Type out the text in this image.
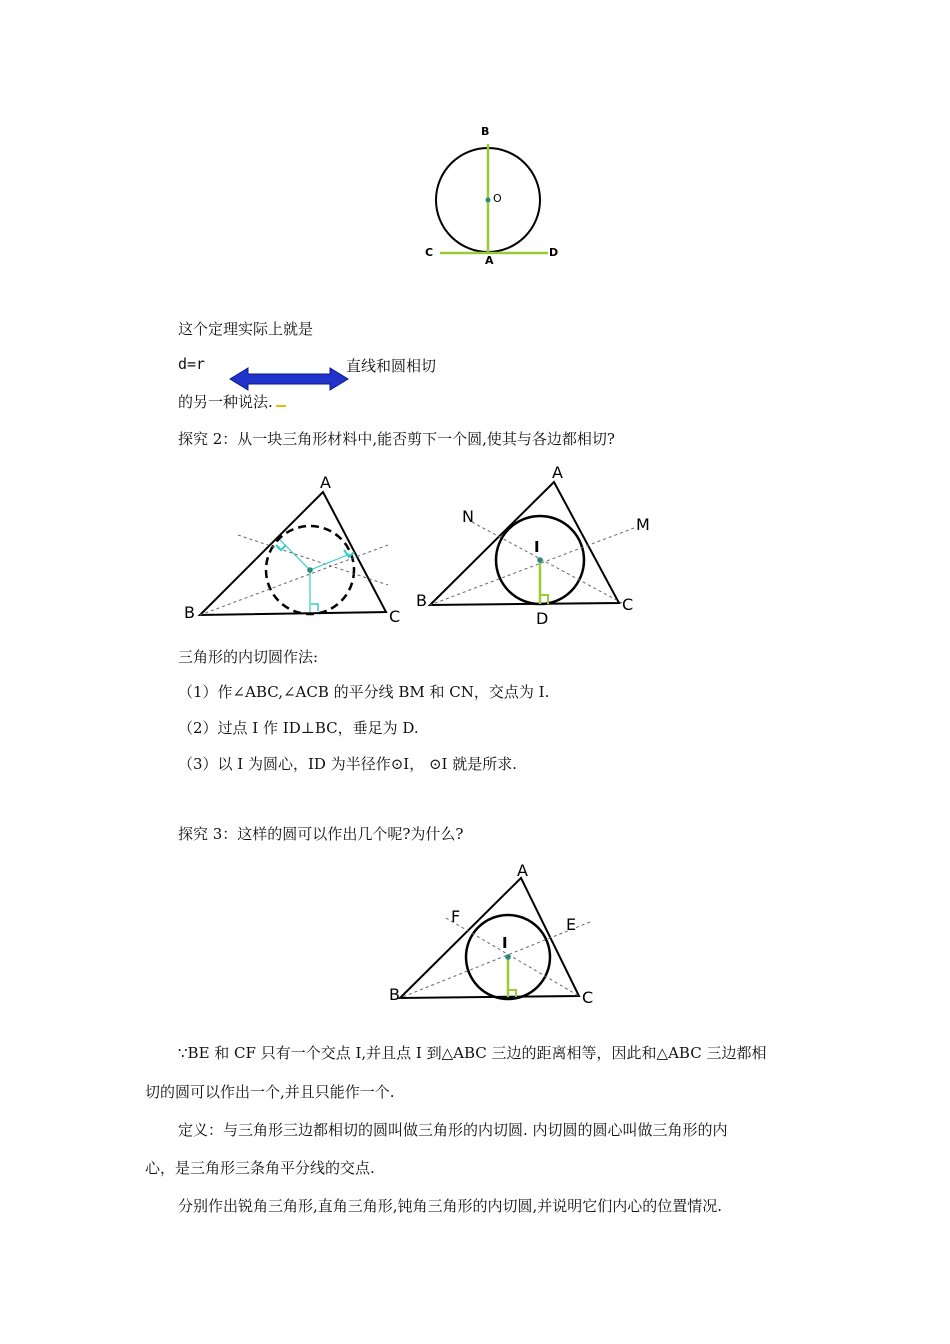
B
O
C
A
D
这个定理实际上就是
d=r	直线和圆相切
的另一种说法.
探究 2：从一块三角形材料中,能否剪下一个圆,使其与各边都相切?
A
B	C
A
N	M
I
B	C
D
三角形的内切圆作法:
（1）作∠ABC,∠ACB 的平分线 BM 和 CN，交点为 I.
（2）过点 I 作 ID⊥BC，垂足为 D.
（3）以 I 为圆心，ID 为半径作⊙I， ⊙I 就是所求.
探究 3：这样的圆可以作出几个呢?为什么?
A
F	E
I
B	C
∵BE 和 CF 只有一个交点 I,并且点 I 到△ABC 三边的距离相等，因此和△ABC 三边都相
切的圆可以作出一个,并且只能作一个.
定义：与三角形三边都相切的圆叫做三角形的内切圆. 内切圆的圆心叫做三角形的内
心，是三角形三条角平分线的交点.
分别作出锐角三角形,直角三角形,钝角三角形的内切圆,并说明它们内心的位置情况.
